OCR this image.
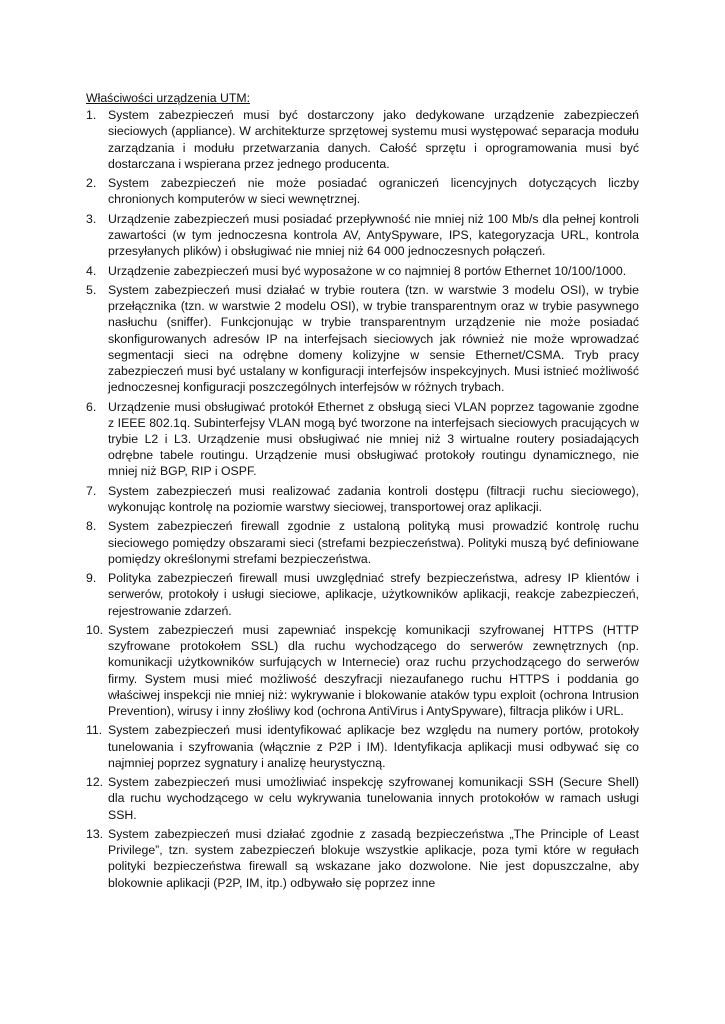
Właściwości urządzenia UTM:
1. System zabezpieczeń musi być dostarczony jako dedykowane urządzenie zabezpieczeń sieciowych (appliance). W architekturze sprzętowej systemu musi występować separacja modułu zarządzania i modułu przetwarzania danych. Całość sprzętu i oprogramowania musi być dostarczana i wspierana przez jednego producenta.
2. System zabezpieczeń nie może posiadać ograniczeń licencyjnych dotyczących liczby chronionych komputerów w sieci wewnętrznej.
3. Urządzenie zabezpieczeń musi posiadać przepływność nie mniej niż 100 Mb/s dla pełnej kontroli zawartości (w tym jednoczesna kontrola AV, AntySpyware, IPS, kategoryzacja URL, kontrola przesyłanych plików) i obsługiwać nie mniej niż 64 000 jednoczesnych połączeń.
4. Urządzenie zabezpieczeń musi być wyposażone w co najmniej 8 portów Ethernet 10/100/1000.
5. System zabezpieczeń musi działać w trybie routera (tzn. w warstwie 3 modelu OSI), w trybie przełącznika (tzn. w warstwie 2 modelu OSI), w trybie transparentnym oraz w trybie pasywnego nasłuchu (sniffer). Funkcjonując w trybie transparentnym urządzenie nie może posiadać skonfigurowanych adresów IP na interfejsach sieciowych jak również nie może wprowadzać segmentacji sieci na odrębne domeny kolizyjne w sensie Ethernet/CSMA. Tryb pracy zabezpieczeń musi być ustalany w konfiguracji interfejsów inspekcyjnych. Musi istnieć możliwość jednoczesnej konfiguracji poszczególnych interfejsów w różnych trybach.
6. Urządzenie musi obsługiwać protokół Ethernet z obsługą sieci VLAN poprzez tagowanie zgodne z IEEE 802.1q. Subinterfejsy VLAN mogą być tworzone na interfejsach sieciowych pracujących w trybie L2 i L3. Urządzenie musi obsługiwać nie mniej niż 3 wirtualne routery posiadających odrębne tabele routingu. Urządzenie musi obsługiwać protokoły routingu dynamicznego, nie mniej niż BGP, RIP i OSPF.
7. System zabezpieczeń musi realizować zadania kontroli dostępu (filtracji ruchu sieciowego), wykonując kontrolę na poziomie warstwy sieciowej, transportowej oraz aplikacji.
8. System zabezpieczeń firewall zgodnie z ustaloną polityką musi prowadzić kontrolę ruchu sieciowego pomiędzy obszarami sieci (strefami bezpieczeństwa). Polityki muszą być definiowane pomiędzy określonymi strefami bezpieczeństwa.
9. Polityka zabezpieczeń firewall musi uwzględniać strefy bezpieczeństwa, adresy IP klientów i serwerów, protokoły i usługi sieciowe, aplikacje, użytkowników aplikacji, reakcje zabezpieczeń, rejestrowanie zdarzeń.
10. System zabezpieczeń musi zapewniać inspekcję komunikacji szyfrowanej HTTPS (HTTP szyfrowane protokołem SSL) dla ruchu wychodzącego do serwerów zewnętrznych (np. komunikacji użytkowników surfujących w Internecie) oraz ruchu przychodzącego do serwerów firmy. System musi mieć możliwość deszyfracji niezaufanego ruchu HTTPS i poddania go właściwej inspekcji nie mniej niż: wykrywanie i blokowanie ataków typu exploit (ochrona Intrusion Prevention), wirusy i inny złośliwy kod (ochrona AntiVirus i AntySpyware), filtracja plików i URL.
11. System zabezpieczeń musi identyfikować aplikacje bez względu na numery portów, protokoły tunelowania i szyfrowania (włącznie z P2P i IM). Identyfikacja aplikacji musi odbywać się co najmniej poprzez sygnatury i analizę heurystyczną.
12. System zabezpieczeń musi umożliwiać inspekcję szyfrowanej komunikacji SSH (Secure Shell) dla ruchu wychodzącego w celu wykrywania tunelowania innych protokołów w ramach usługi SSH.
13. System zabezpieczeń musi działać zgodnie z zasadą bezpieczeństwa „The Principle of Least Privilege”, tzn. system zabezpieczeń blokuje wszystkie aplikacje, poza tymi które w regułach polityki bezpieczeństwa firewall są wskazane jako dozwolone. Nie jest dopuszczalne, aby blokownie aplikacji (P2P, IM, itp.) odbywało się poprzez inne
